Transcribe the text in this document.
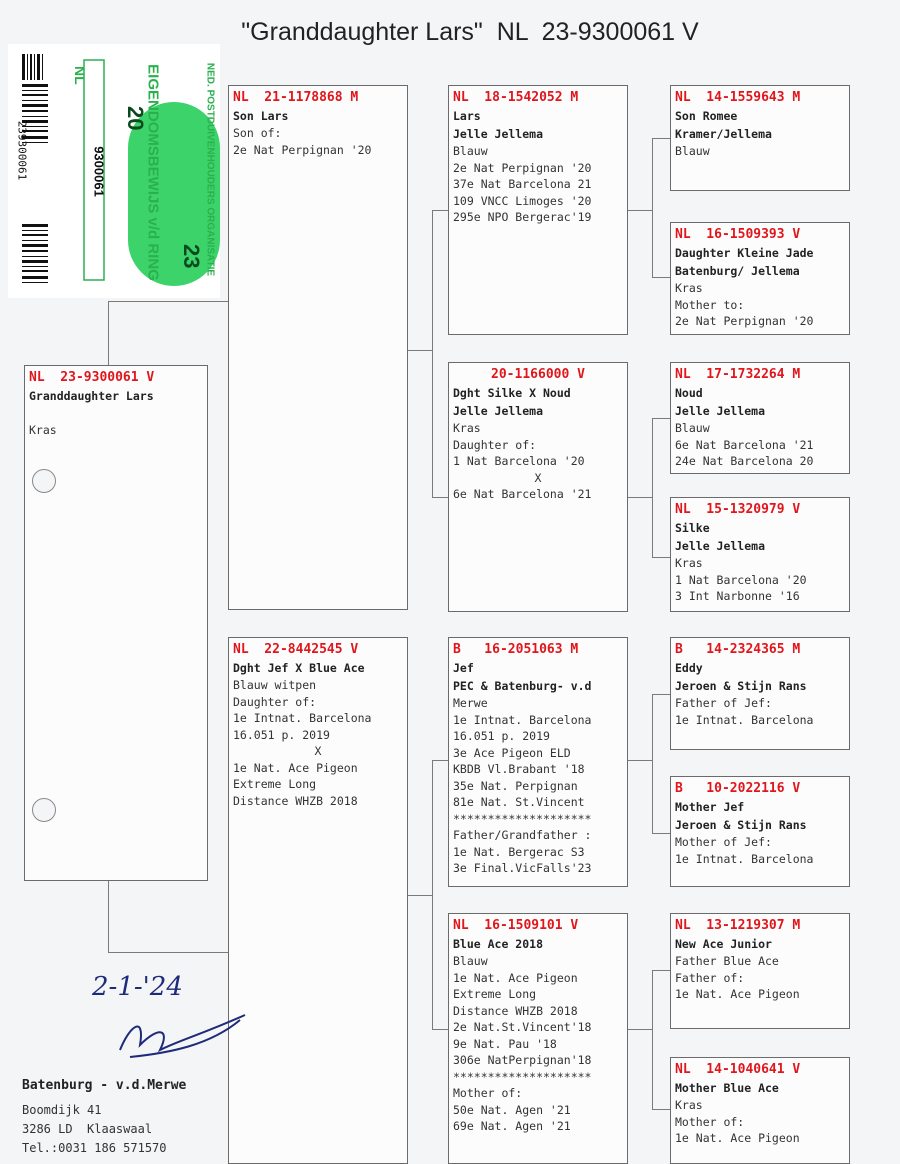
"Granddaughter Lars"  NL  23-9300061 V
239300061
NL
9300061	EIGENDOMSBEWIJS v/d RING	NED. POSTDUIVENHOUDERS ORGANISATIE
20
23
NL  23-9300061 V
Granddaughter Lars
Kras
NL  21-1178868 M
Son Lars
Son of:
2e Nat Perpignan '20
NL  22-8442545 V
Dght Jef X Blue Ace
Blauw witpen
Daughter of:
1e Intnat. Barcelona
16.051 p. 2019
X
1e Nat. Ace Pigeon
Extreme Long
Distance WHZB 2018
NL  18-1542052 M
Lars
Jelle Jellema
Blauw
2e Nat Perpignan '20
37e Nat Barcelona 21
109 VNCC Limoges '20
295e NPO Bergerac'19
20-1166000 V
Dght Silke X Noud
Jelle Jellema
Kras
Daughter of:
1 Nat Barcelona '20
X
6e Nat Barcelona '21
B   16-2051063 M
Jef
PEC & Batenburg- v.d
Merwe
1e Intnat. Barcelona
16.051 p. 2019
3e Ace Pigeon ELD
KBDB Vl.Brabant '18
35e Nat. Perpignan
81e Nat. St.Vincent
********************
Father/Grandfather :
1e Nat. Bergerac S3
3e Final.VicFalls'23
NL  16-1509101 V
Blue Ace 2018
Blauw
1e Nat. Ace Pigeon
Extreme Long
Distance WHZB 2018
2e Nat.St.Vincent'18
9e Nat. Pau '18
306e NatPerpignan'18
********************
Mother of:
50e Nat. Agen '21
69e Nat. Agen '21
NL  14-1559643 M
Son Romee
Kramer/Jellema
Blauw
NL  16-1509393 V
Daughter Kleine Jade
Batenburg/ Jellema
Kras
Mother to:
2e Nat Perpignan '20
NL  17-1732264 M
Noud
Jelle Jellema
Blauw
6e Nat Barcelona '21
24e Nat Barcelona 20
NL  15-1320979 V
Silke
Jelle Jellema
Kras
1 Nat Barcelona '20
3 Int Narbonne '16
B   14-2324365 M
Eddy
Jeroen & Stijn Rans
Father of Jef:
1e Intnat. Barcelona
B   10-2022116 V
Mother Jef
Jeroen & Stijn Rans
Mother of Jef:
1e Intnat. Barcelona
NL  13-1219307 M
New Ace Junior
Father Blue Ace
Father of:
1e Nat. Ace Pigeon
NL  14-1040641 V
Mother Blue Ace
Kras
Mother of:
1e Nat. Ace Pigeon
2-1-'24
Batenburg - v.d.Merwe
Boomdijk 41
3286 LD  Klaaswaal
Tel.:0031 186 571570
